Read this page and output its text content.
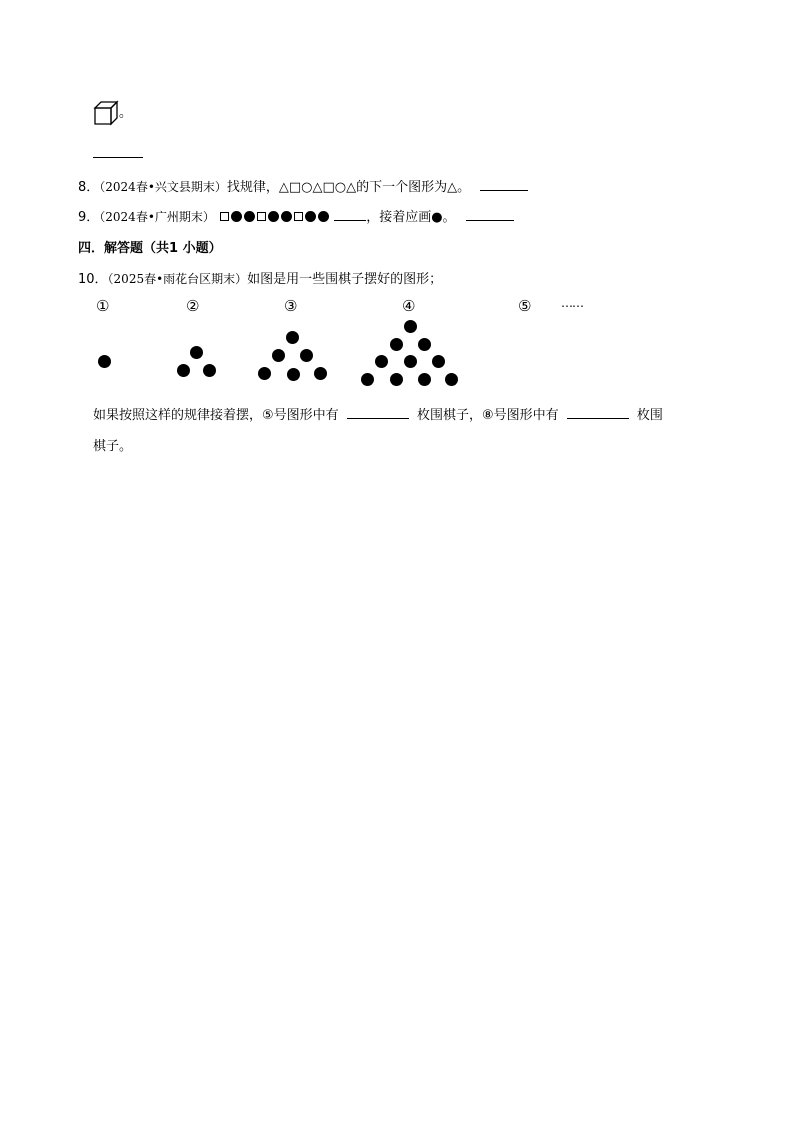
。
8．（2024春•兴文县期末）找规律，△□○△□○△的下一个图形为△。
9．（2024春•广州期末）	，接着应画●。
四．解答题（共1 小题）
10．（2025春•雨花台区期末）如图是用一些围棋子摆好的图形；
①	②	③	④	⑤ ……
如果按照这样的规律接着摆，⑤号图形中有	枚围棋子，⑧号图形中有	枚围
棋子。
